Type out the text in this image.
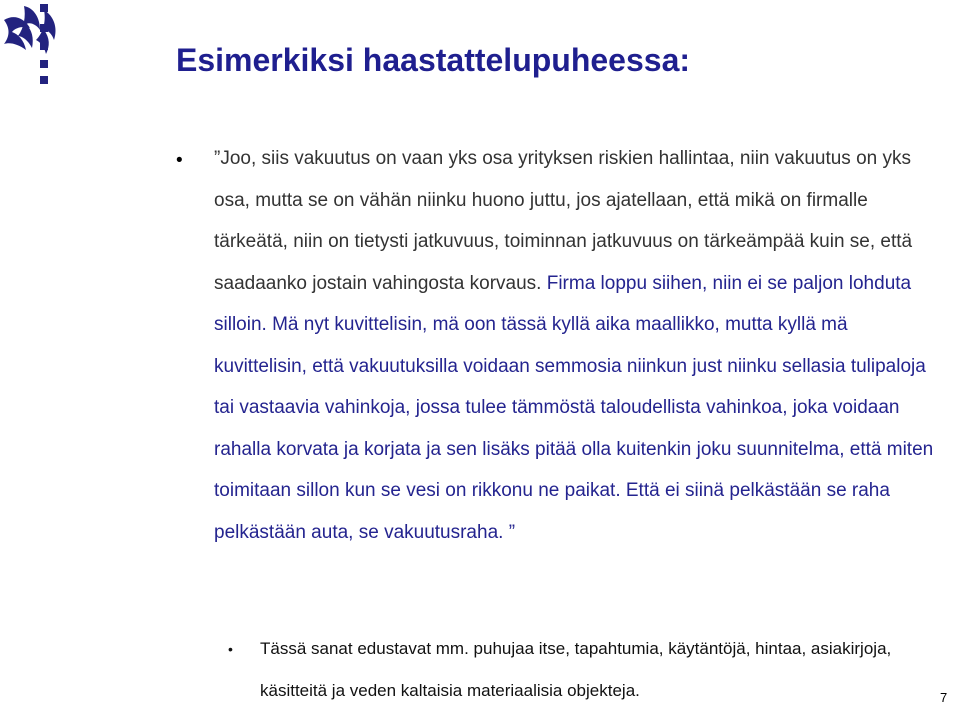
Esimerkiksi haastattelupuheessa:
• ”Joo, siis vakuutus on vaan yks osa yrityksen riskien hallintaa, niin vakuutus on yks osa, mutta se on vähän niinku huono juttu, jos ajatellaan, että mikä on firmalle tärkeätä, niin on tietysti jatkuvuus, toiminnan jatkuvuus on tärkeämpää kuin se, että saadaanko jostain vahingosta korvaus. Firma loppu siihen, niin ei se paljon lohduta silloin. Mä nyt kuvittelisin, mä oon tässä kyllä aika maallikko, mutta kyllä mä kuvittelisin, että vakuutuksilla voidaan semmosia niinkun just niinku sellasia tulipaloja tai vastaavia vahinkoja, jossa tulee tämmöstä taloudellista vahinkoa, joka voidaan rahalla korvata ja korjata ja sen lisäks pitää olla kuitenkin joku suunnitelma, että miten toimitaan sillon kun se vesi on rikkonu ne paikat. Että ei siinä pelkästään se raha pelkästään auta, se vakuutusraha. ”
• Tässä sanat edustavat mm. puhujaa itse, tapahtumia, käytäntöjä, hintaa, asiakirjoja, käsitteitä ja veden kaltaisia materiaalisia objekteja.	7
